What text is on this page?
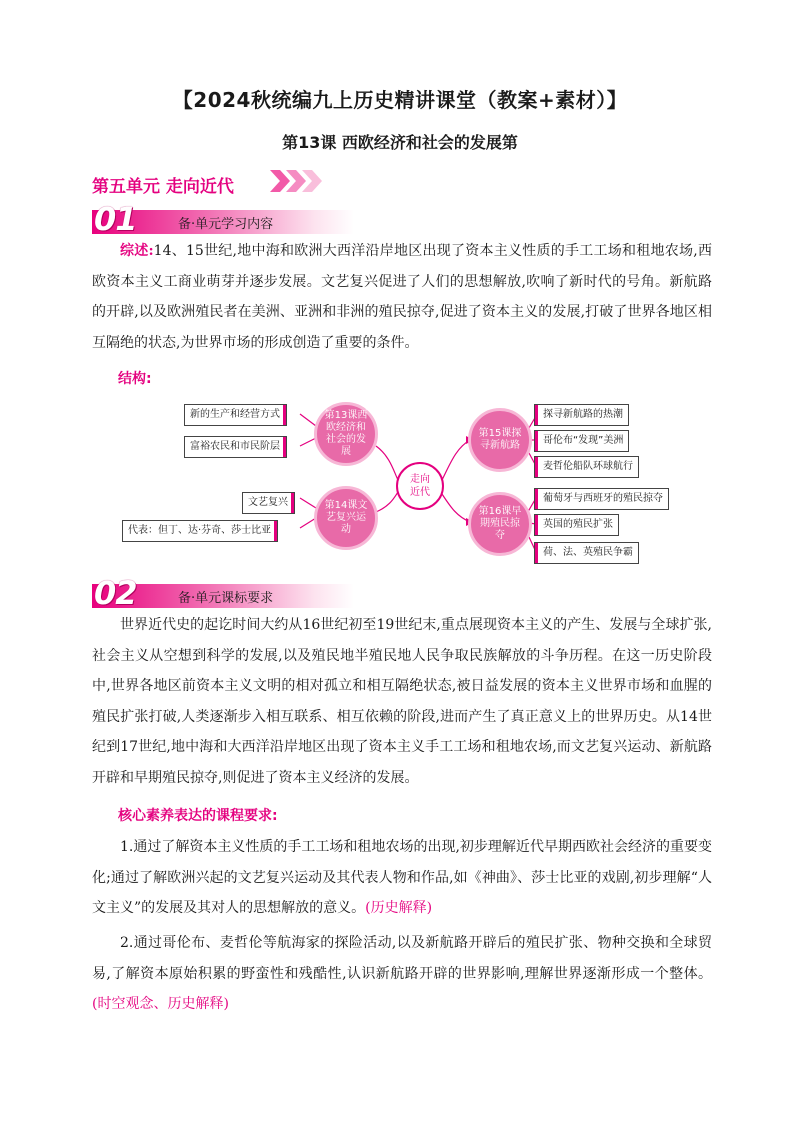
【2024秋统编九上历史精讲课堂（教案+素材）】
第13课 西欧经济和社会的发展第
第五单元 走向近代
01	备·单元学习内容
综述:14、15世纪,地中海和欧洲大西洋沿岸地区出现了资本主义性质的手工工场和租地农场,西欧资本主义工商业萌芽并逐步发展。文艺复兴促进了人们的思想解放,吹响了新时代的号角。新航路的开辟,以及欧洲殖民者在美洲、亚洲和非洲的殖民掠夺,促进了资本主义的发展,打破了世界各地区相互隔绝的状态,为世界市场的形成创造了重要的条件。
结构:
新的生产和经营方式
富裕农民和市民阶层
文艺复兴
代表：但丁、达·芬奇、莎士比亚
第13课西欧经济和社会的发展
第14课文艺复兴运动
走向近代
第15课探寻新航路
第16课早期殖民掠夺
探寻新航路的热潮
哥伦布“发现”美洲
麦哲伦船队环球航行
葡萄牙与西班牙的殖民掠夺
英国的殖民扩张
荷、法、英殖民争霸
02	备·单元课标要求
世界近代史的起讫时间大约从16世纪初至19世纪末,重点展现资本主义的产生、发展与全球扩张,社会主义从空想到科学的发展,以及殖民地半殖民地人民争取民族解放的斗争历程。在这一历史阶段中,世界各地区前资本主义文明的相对孤立和相互隔绝状态,被日益发展的资本主义世界市场和血腥的殖民扩张打破,人类逐渐步入相互联系、相互依赖的阶段,进而产生了真正意义上的世界历史。从14世纪到17世纪,地中海和大西洋沿岸地区出现了资本主义手工工场和租地农场,而文艺复兴运动、新航路开辟和早期殖民掠夺,则促进了资本主义经济的发展。
核心素养表达的课程要求:
1.通过了解资本主义性质的手工工场和租地农场的出现,初步理解近代早期西欧社会经济的重要变化;通过了解欧洲兴起的文艺复兴运动及其代表人物和作品,如《神曲》、莎士比亚的戏剧,初步理解“人文主义”的发展及其对人的思想解放的意义。(历史解释)
2.通过哥伦布、麦哲伦等航海家的探险活动,以及新航路开辟后的殖民扩张、物种交换和全球贸易,了解资本原始积累的野蛮性和残酷性,认识新航路开辟的世界影响,理解世界逐渐形成一个整体。(时空观念、历史解释)
